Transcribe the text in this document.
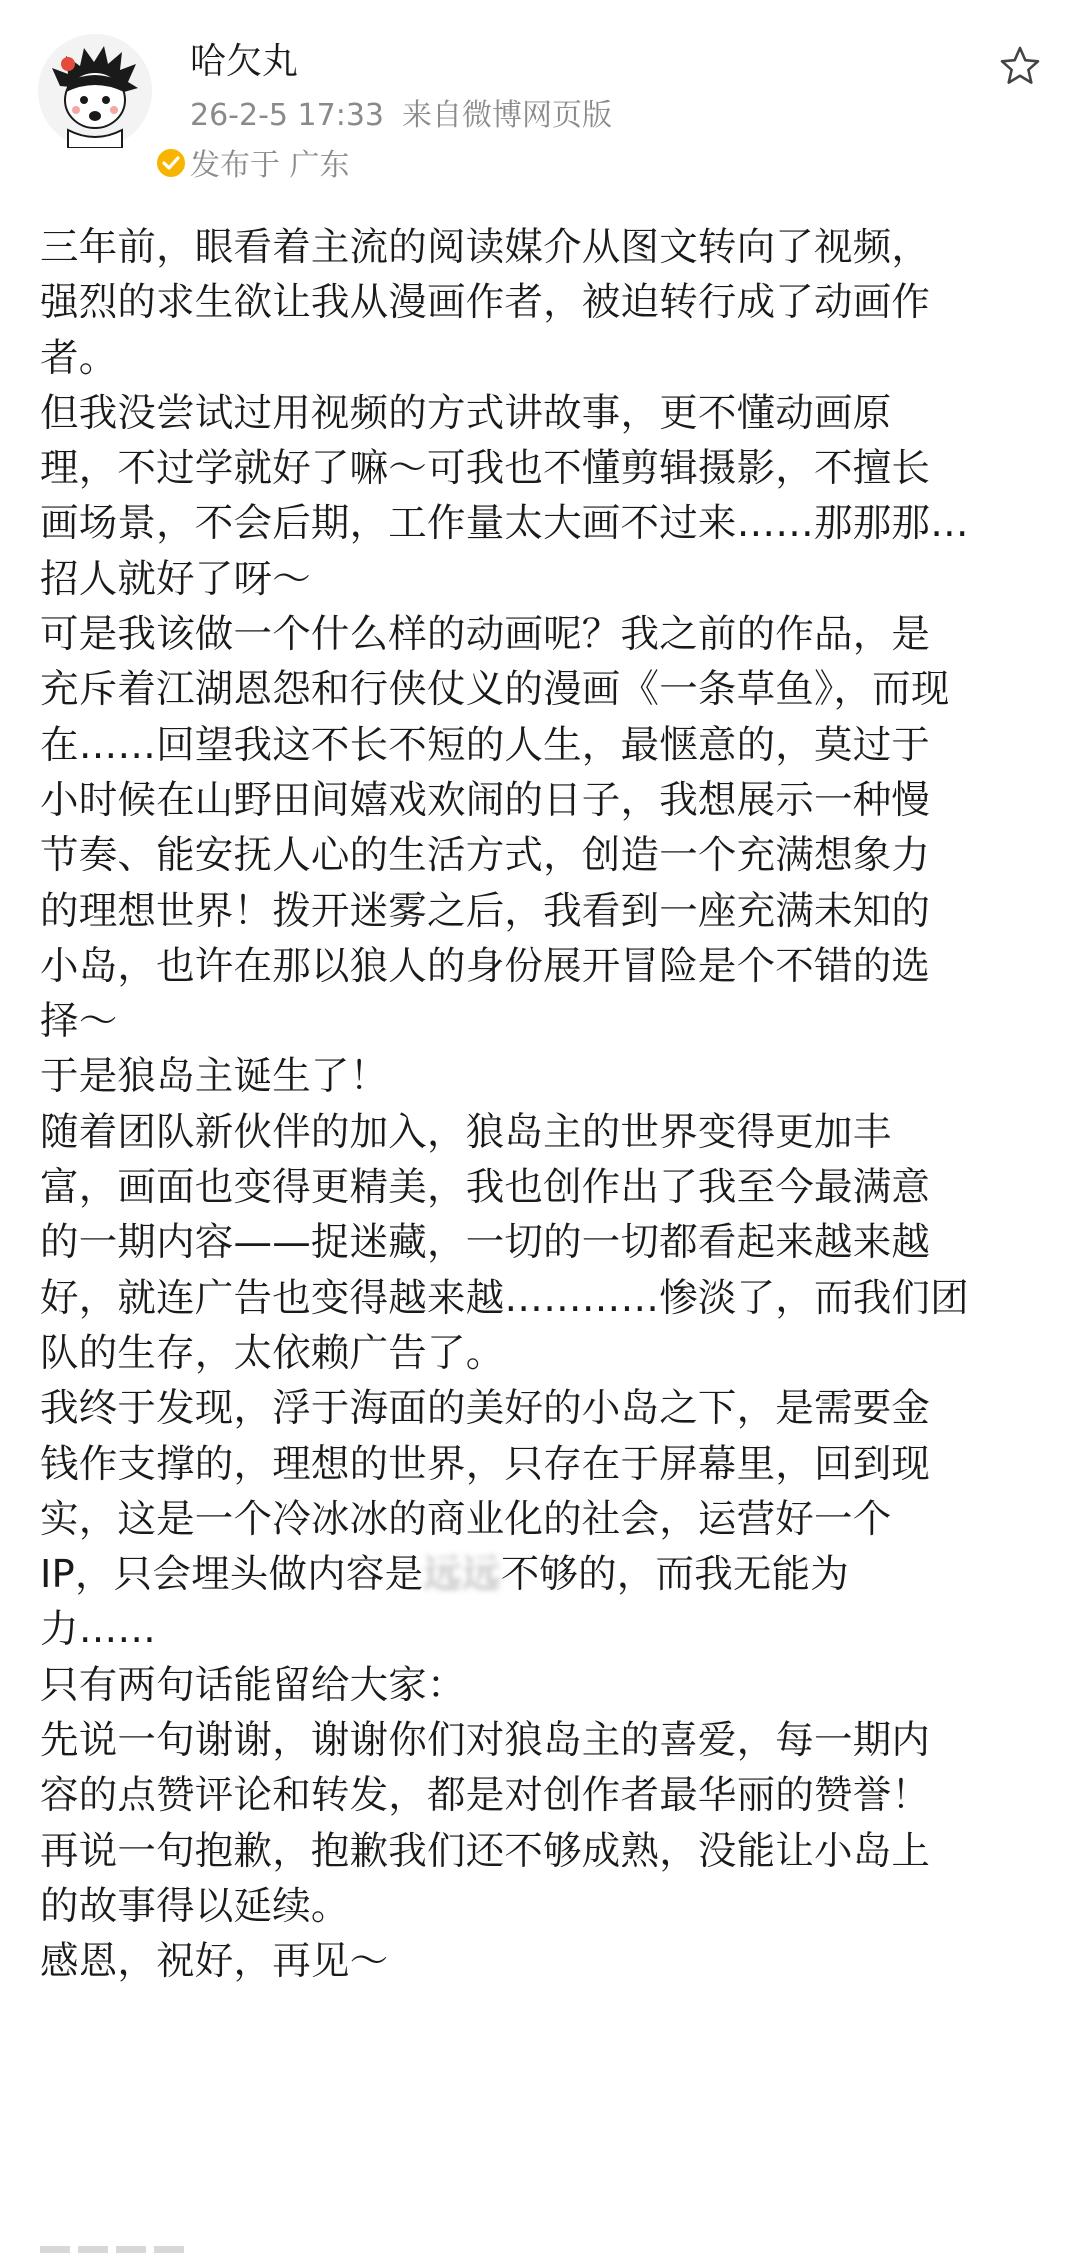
哈欠丸
26-2-5 17:33 来自微博网页版
发布于 广东
三年前，眼看着主流的阅读媒介从图文转向了视频，
强烈的求生欲让我从漫画作者，被迫转行成了动画作
者。
但我没尝试过用视频的方式讲故事，更不懂动画原
理，不过学就好了嘛～可我也不懂剪辑摄影，不擅长
画场景，不会后期，工作量太大画不过来……那那那…
招人就好了呀～
可是我该做一个什么样的动画呢？我之前的作品，是
充斥着江湖恩怨和行侠仗义的漫画《一条草鱼》，而现
在……回望我这不长不短的人生，最惬意的，莫过于
小时候在山野田间嬉戏欢闹的日子，我想展示一种慢
节奏、能安抚人心的生活方式，创造一个充满想象力
的理想世界！拨开迷雾之后，我看到一座充满未知的
小岛，也许在那以狼人的身份展开冒险是个不错的选
择～
于是狼岛主诞生了！
随着团队新伙伴的加入，狼岛主的世界变得更加丰
富，画面也变得更精美，我也创作出了我至今最满意
的一期内容——捉迷藏，一切的一切都看起来越来越
好，就连广告也变得越来越…………惨淡了，而我们团
队的生存，太依赖广告了。
我终于发现，浮于海面的美好的小岛之下，是需要金
钱作支撑的，理想的世界，只存在于屏幕里，回到现
实，这是一个冷冰冰的商业化的社会，运营好一个
IP，只会埋头做内容是远远不够的，而我无能为
力……
只有两句话能留给大家：
先说一句谢谢，谢谢你们对狼岛主的喜爱，每一期内
容的点赞评论和转发，都是对创作者最华丽的赞誉！
再说一句抱歉，抱歉我们还不够成熟，没能让小岛上
的故事得以延续。
感恩，祝好，再见～
